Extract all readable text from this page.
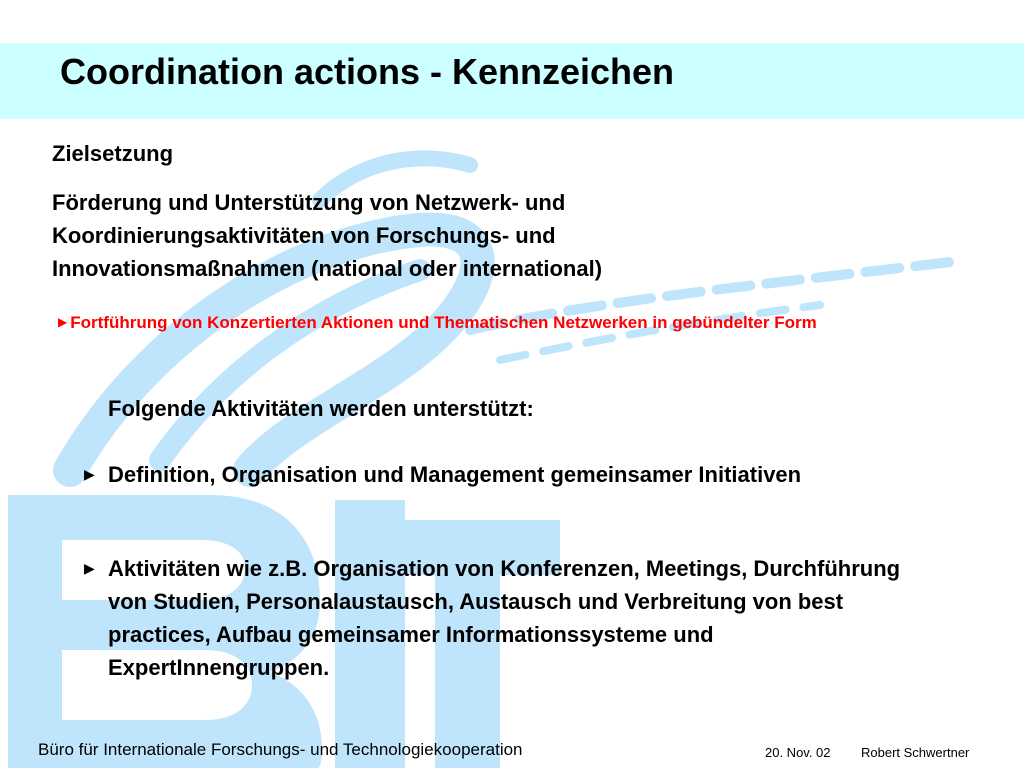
Coordination actions - Kennzeichen
Zielsetzung
Förderung und Unterstützung von Netzwerk- und Koordinierungsaktivitäten von Forschungs- und Innovationsmaßnahmen (national oder international)
▶ Fortführung von Konzertierten Aktionen und Thematischen Netzwerken in gebündelter Form
Folgende Aktivitäten werden unterstützt:
▶ Definition, Organisation und Management gemeinsamer Initiativen
▶ Aktivitäten wie z.B. Organisation von Konferenzen, Meetings, Durchführung von Studien, Personalaustausch, Austausch und Verbreitung von best practices, Aufbau gemeinsamer Informationssysteme und ExpertInnengruppen.
Büro für Internationale Forschungs- und Technologiekooperation	20. Nov. 02 Robert Schwertner
